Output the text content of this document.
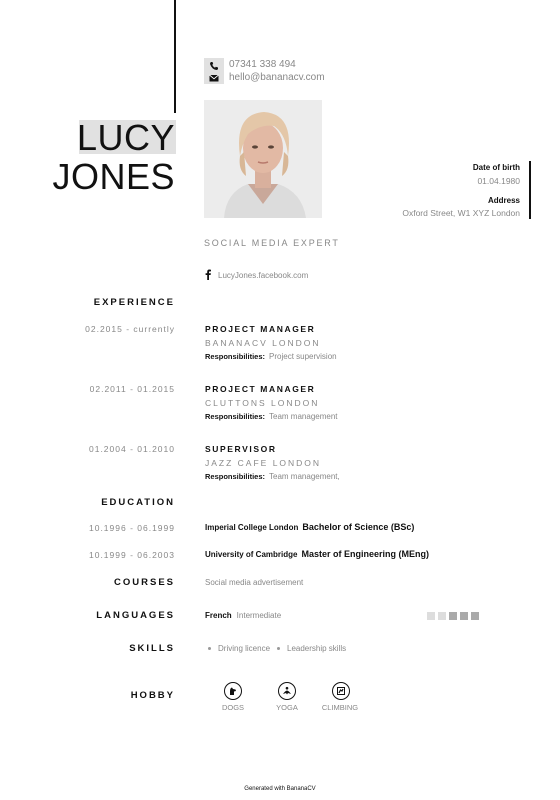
LUCY
JONES
07341 338 494
hello@bananacv.com
Date of birth
01.04.1980
Address
Oxford Street, W1 XYZ London
SOCIAL MEDIA EXPERT
LucyJones.facebook.com
EXPERIENCE
02.2015 - currently	PROJECT MANAGER
BANANACV LONDON
Responsibilities: Project supervision
02.2011 - 01.2015	PROJECT MANAGER
CLUTTONS LONDON
Responsibilities: Team management
01.2004 - 01.2010	SUPERVISOR
JAZZ CAFE LONDON
Responsibilities: Team management,
EDUCATION
10.1996 - 06.1999	Imperial College London Bachelor of Science (BSc)
10.1999 - 06.2003	University of Cambridge Master of Engineering (MEng)
COURSES	Social media advertisement
LANGUAGES	French Intermediate
SKILLS	Driving licence	Leadership skills
HOBBY
DOGS	YOGA	CLIMBING
Generated with BananaCV
